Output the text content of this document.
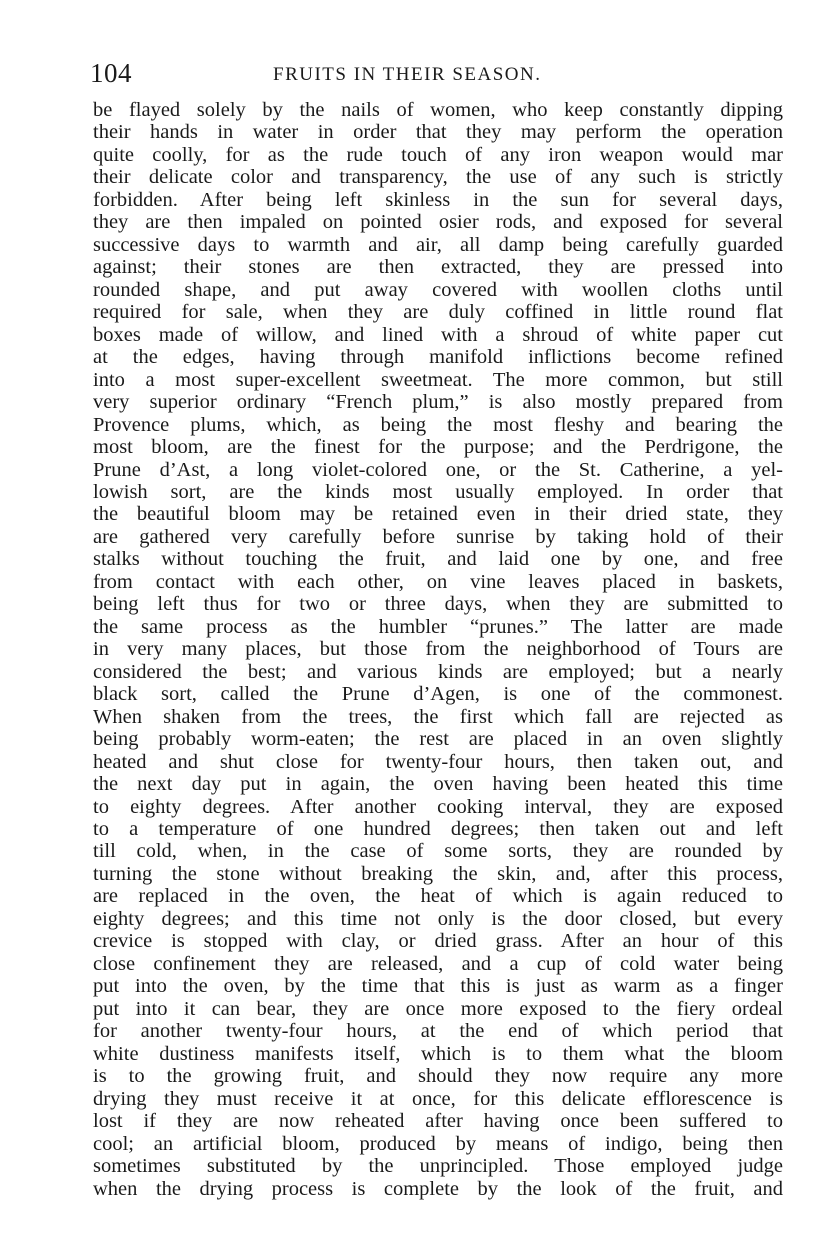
104	FRUITS IN THEIR SEASON.
be flayed solely by the nails of women, who keep constantly dipping
their hands in water in order that they may perform the operation
quite coolly, for as the rude touch of any iron weapon would mar
their delicate color and transparency, the use of any such is strictly
forbidden. After being left skinless in the sun for several days,
they are then impaled on pointed osier rods, and exposed for several
successive days to warmth and air, all damp being carefully guarded
against; their stones are then extracted, they are pressed into
rounded shape, and put away covered with woollen cloths until
required for sale, when they are duly coffined in little round flat
boxes made of willow, and lined with a shroud of white paper cut
at the edges, having through manifold inflictions become refined
into a most super-excellent sweetmeat. The more common, but still
very superior ordinary “French plum,” is also mostly prepared from
Provence plums, which, as being the most fleshy and bearing the
most bloom, are the finest for the purpose; and the Perdrigone, the
Prune d’Ast, a long violet-colored one, or the St. Catherine, a yel-
lowish sort, are the kinds most usually employed. In order that
the beautiful bloom may be retained even in their dried state, they
are gathered very carefully before sunrise by taking hold of their
stalks without touching the fruit, and laid one by one, and free
from contact with each other, on vine leaves placed in baskets,
being left thus for two or three days, when they are submitted to
the same process as the humbler “prunes.” The latter are made
in very many places, but those from the neighborhood of Tours are
considered the best; and various kinds are employed; but a nearly
black sort, called the Prune d’Agen, is one of the commonest.
When shaken from the trees, the first which fall are rejected as
being probably worm-eaten; the rest are placed in an oven slightly
heated and shut close for twenty-four hours, then taken out, and
the next day put in again, the oven having been heated this time
to eighty degrees. After another cooking interval, they are exposed
to a temperature of one hundred degrees; then taken out and left
till cold, when, in the case of some sorts, they are rounded by
turning the stone without breaking the skin, and, after this process,
are replaced in the oven, the heat of which is again reduced to
eighty degrees; and this time not only is the door closed, but every
crevice is stopped with clay, or dried grass. After an hour of this
close confinement they are released, and a cup of cold water being
put into the oven, by the time that this is just as warm as a finger
put into it can bear, they are once more exposed to the fiery ordeal
for another twenty-four hours, at the end of which period that
white dustiness manifests itself, which is to them what the bloom
is to the growing fruit, and should they now require any more
drying they must receive it at once, for this delicate efflorescence is
lost if they are now reheated after having once been suffered to
cool; an artificial bloom, produced by means of indigo, being then
sometimes substituted by the unprincipled. Those employed judge
when the drying process is complete by the look of the fruit, and
